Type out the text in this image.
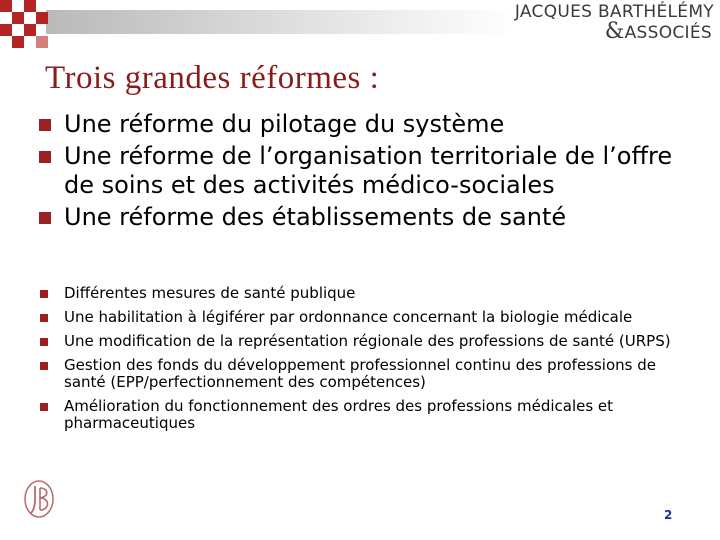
JACQUES BARTHÉLÉMY
&ASSOCIÉS
Trois grandes réformes :
Une réforme du pilotage du système
Une réforme de l’organisation territoriale de l’offre de soins et des activités médico-sociales
Une réforme des établissements de santé
Différentes mesures de santé publique
Une habilitation à légiférer par ordonnance concernant la biologie médicale
Une modification de la représentation régionale des professions de santé (URPS)
Gestion des fonds du développement professionnel continu des professions de santé (EPP/perfectionnement des compétences)
Amélioration du fonctionnement des ordres des professions médicales et pharmaceutiques
2
